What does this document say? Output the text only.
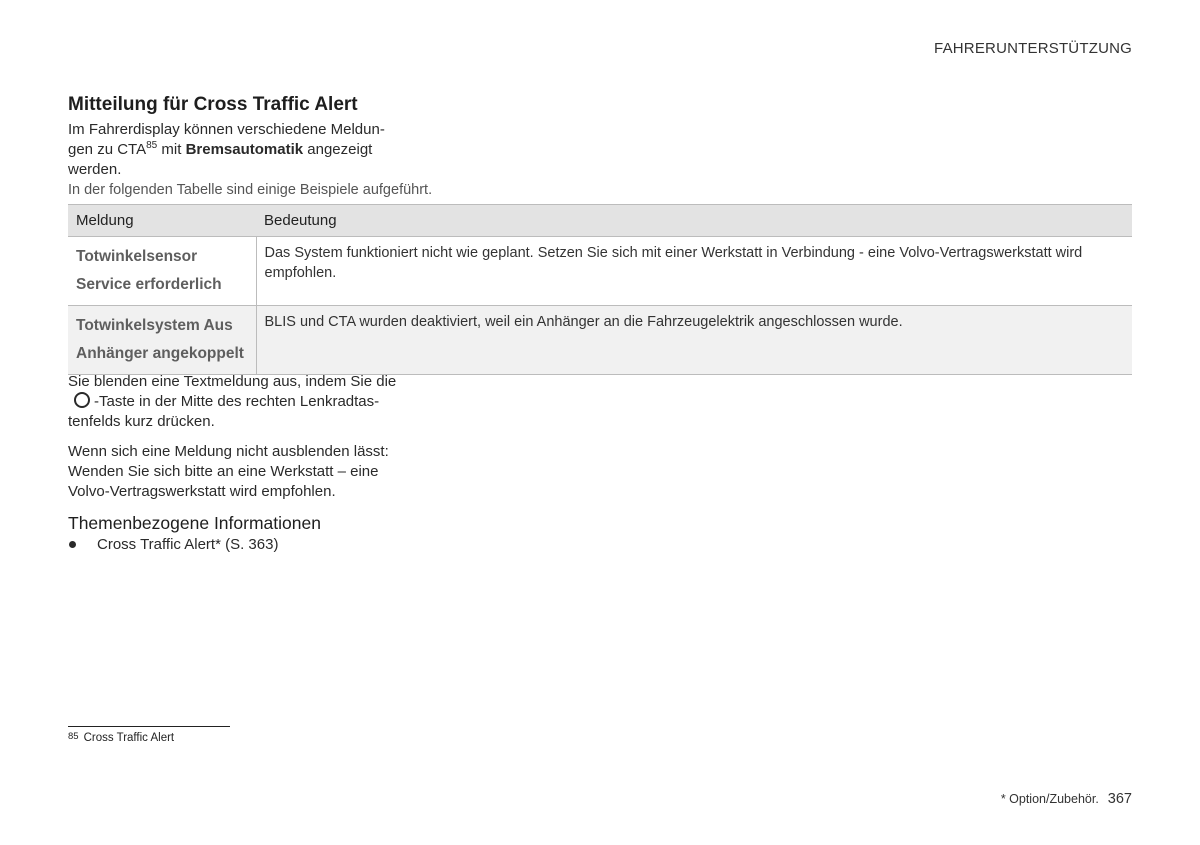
FAHRERUNTERSTÜTZUNG
Mitteilung für Cross Traffic Alert
Im Fahrerdisplay können verschiedene Meldun-
gen zu CTA$^{85}$ mit Bremsautomatik angezeigt
werden.
In der folgenden Tabelle sind einige Beispiele aufgeführt.
Meldung	Bedeutung

Totwinkelsensor
Service erforderlich	Das System funktioniert nicht wie geplant. Setzen Sie sich mit einer Werkstatt in Verbindung - eine Volvo-Vertragswerkstatt wird empfohlen.

Totwinkelsystem Aus
Anhänger angekoppelt	BLIS und CTA wurden deaktiviert, weil ein Anhänger an die Fahrzeugelektrik angeschlossen wurde.
Sie blenden eine Textmeldung aus, indem Sie die
-Taste in der Mitte des rechten Lenkradtas-
tenfelds kurz drücken.
Wenn sich eine Meldung nicht ausblenden lässt:
Wenden Sie sich bitte an eine Werkstatt – eine
Volvo-Vertragswerkstatt wird empfohlen.
Themenbezogene Informationen
Cross Traffic Alert* (S. 363)
85 Cross Traffic Alert
* Option/Zubehör. 367
